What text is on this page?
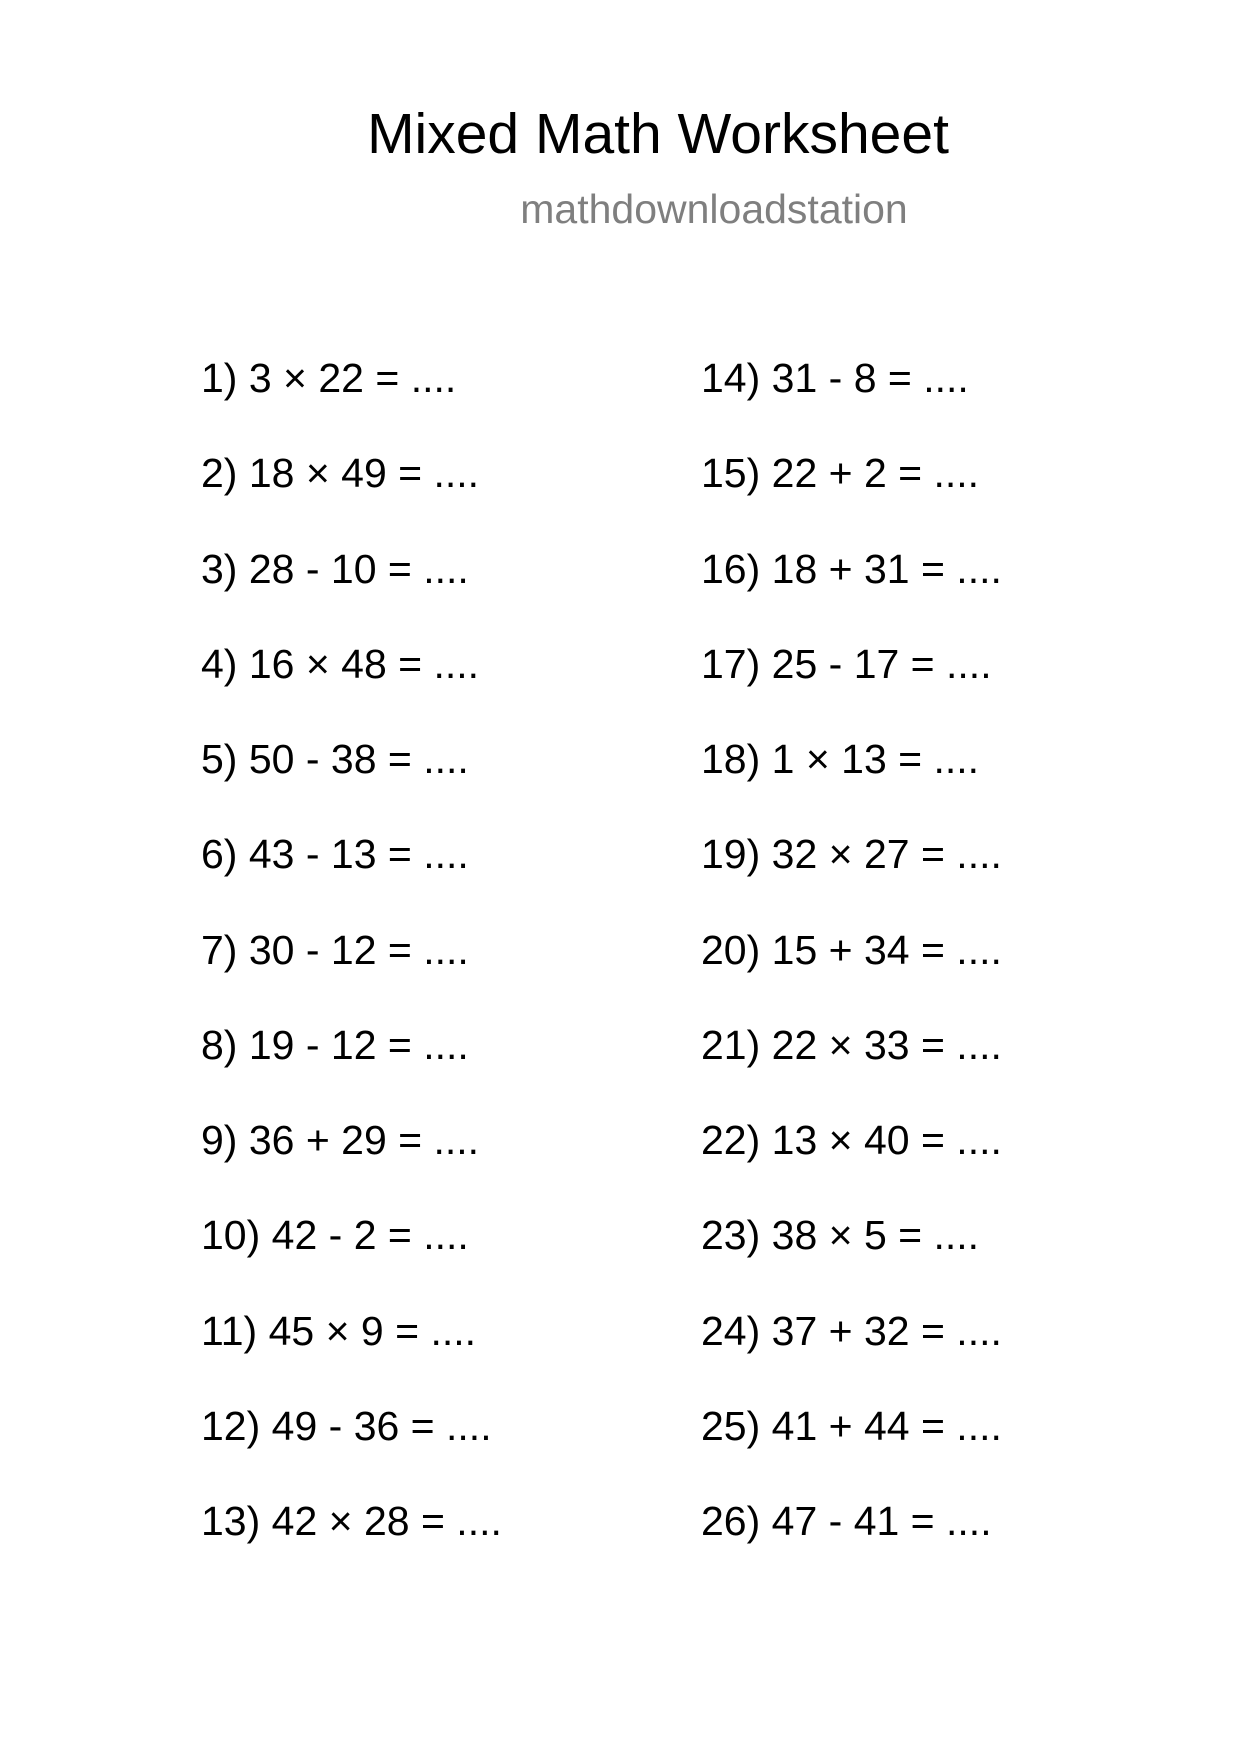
Mixed Math Worksheet
mathdownloadstation
1) 3 × 22 = ....
2) 18 × 49 = ....
3) 28 - 10 = ....
4) 16 × 48 = ....
5) 50 - 38 = ....
6) 43 - 13 = ....
7) 30 - 12 = ....
8) 19 - 12 = ....
9) 36 + 29 = ....
10) 42 - 2 = ....
11) 45 × 9 = ....
12) 49 - 36 = ....
13) 42 × 28 = ....
14) 31 - 8 = ....
15) 22 + 2 = ....
16) 18 + 31 = ....
17) 25 - 17 = ....
18) 1 × 13 = ....
19) 32 × 27 = ....
20) 15 + 34 = ....
21) 22 × 33 = ....
22) 13 × 40 = ....
23) 38 × 5 = ....
24) 37 + 32 = ....
25) 41 + 44 = ....
26) 47 - 41 = ....
